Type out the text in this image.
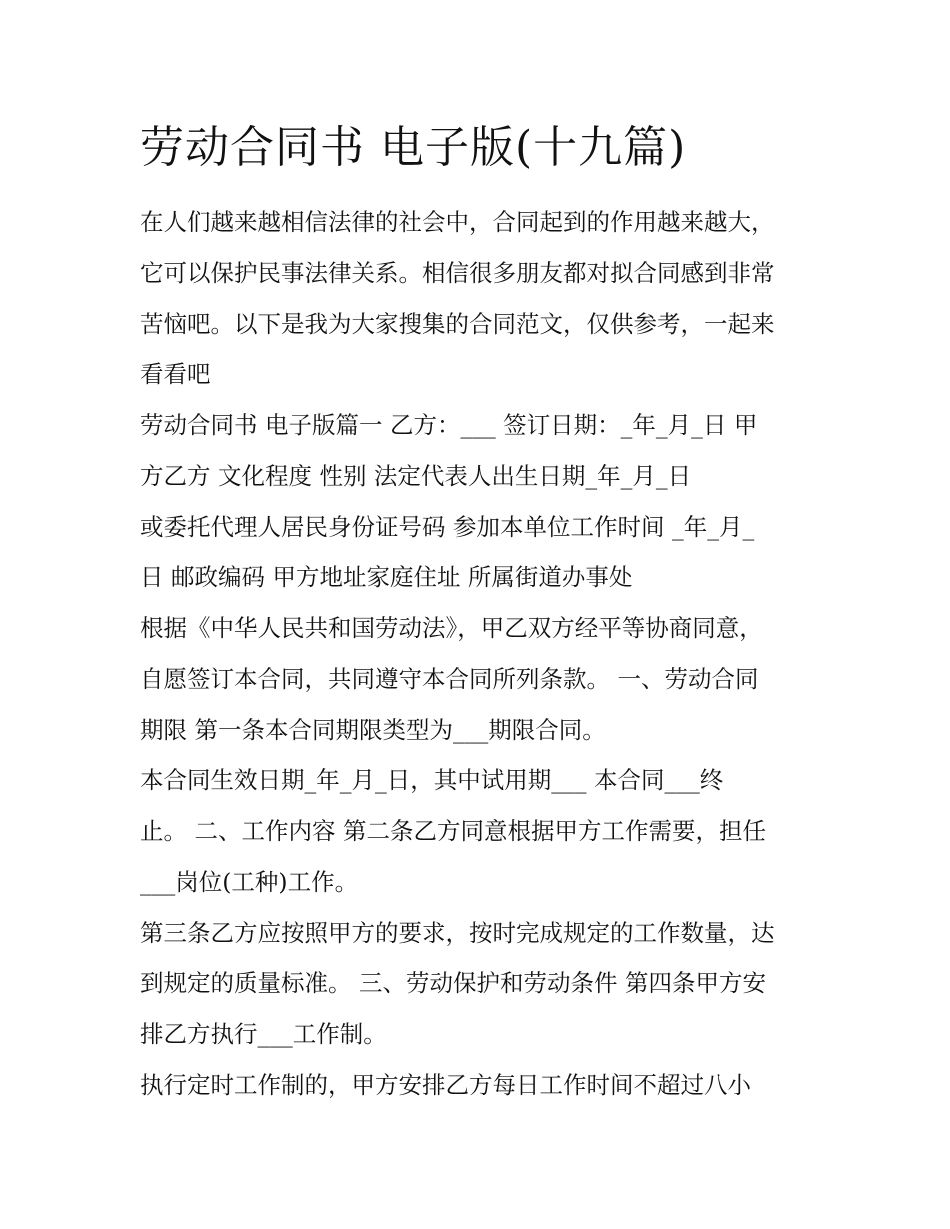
劳动合同书 电子版(十九篇)
在人们越来越相信法律的社会中，合同起到的作用越来越大，
它可以保护民事法律关系。相信很多朋友都对拟合同感到非常
苦恼吧。以下是我为大家搜集的合同范文，仅供参考，一起来
看看吧
劳动合同书 电子版篇一 乙方：___ 签订日期：_年_月_日 甲
方乙方 文化程度 性别 法定代表人出生日期_年_月_日
或委托代理人居民身份证号码 参加本单位工作时间 _年_月_
日 邮政编码 甲方地址家庭住址 所属街道办事处
根据《中华人民共和国劳动法》，甲乙双方经平等协商同意，
自愿签订本合同，共同遵守本合同所列条款。 一、劳动合同
期限 第一条本合同期限类型为___期限合同。
本合同生效日期_年_月_日，其中试用期___ 本合同___终
止。 二、工作内容 第二条乙方同意根据甲方工作需要，担任
___岗位(工种)工作。
第三条乙方应按照甲方的要求，按时完成规定的工作数量，达
到规定的质量标准。 三、劳动保护和劳动条件 第四条甲方安
排乙方执行___工作制。
执行定时工作制的，甲方安排乙方每日工作时间不超过八小
